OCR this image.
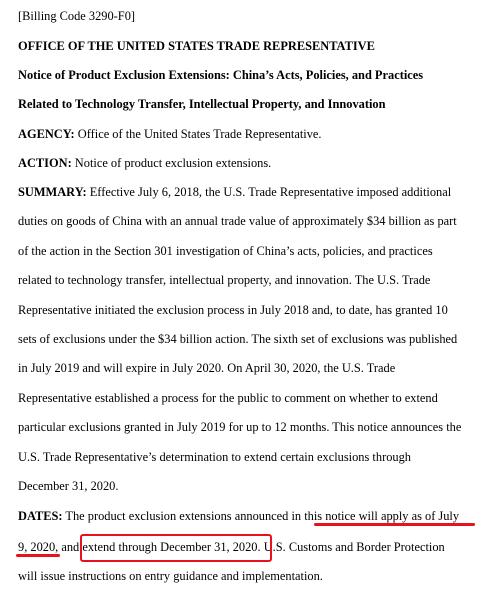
[Billing Code 3290-F0]
OFFICE OF THE UNITED STATES TRADE REPRESENTATIVE
Notice of Product Exclusion Extensions: China’s Acts, Policies, and Practices
Related to Technology Transfer, Intellectual Property, and Innovation
AGENCY: Office of the United States Trade Representative.
ACTION: Notice of product exclusion extensions.
SUMMARY: Effective July 6, 2018, the U.S. Trade Representative imposed additional
duties on goods of China with an annual trade value of approximately $34 billion as part
of the action in the Section 301 investigation of China’s acts, policies, and practices
related to technology transfer, intellectual property, and innovation. The U.S. Trade
Representative initiated the exclusion process in July 2018 and, to date, has granted 10
sets of exclusions under the $34 billion action. The sixth set of exclusions was published
in July 2019 and will expire in July 2020. On April 30, 2020, the U.S. Trade
Representative established a process for the public to comment on whether to extend
particular exclusions granted in July 2019 for up to 12 months. This notice announces the
U.S. Trade Representative’s determination to extend certain exclusions through
December 31, 2020.
DATES: The product exclusion extensions announced in this notice will apply as of July
9, 2020, and extend through December 31, 2020. U.S. Customs and Border Protection
will issue instructions on entry guidance and implementation.
